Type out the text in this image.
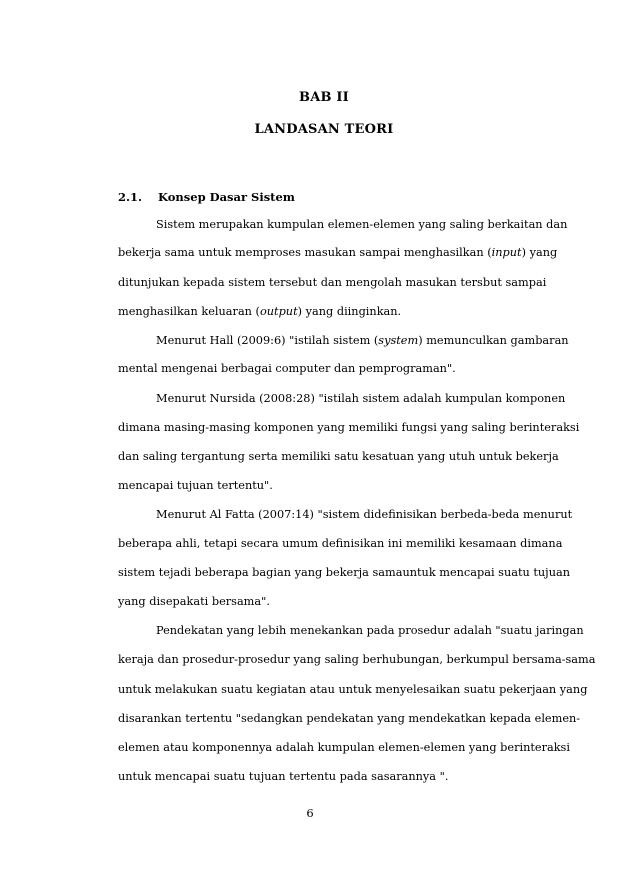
BAB II
LANDASAN TEORI
2.1. Konsep Dasar Sistem
Sistem merupakan kumpulan elemen-elemen yang saling berkaitan dan
bekerja sama untuk memproses masukan sampai menghasilkan (input) yang
ditunjukan kepada sistem tersebut dan mengolah masukan tersbut sampai
menghasilkan keluaran (output) yang diinginkan.
Menurut Hall (2009:6) "istilah sistem (system) memunculkan gambaran
mental mengenai berbagai computer dan pemprograman".
Menurut Nursida (2008:28) "istilah sistem adalah kumpulan komponen
dimana masing-masing komponen yang memiliki fungsi yang saling berinteraksi
dan saling tergantung serta memiliki satu kesatuan yang utuh untuk bekerja
mencapai tujuan tertentu".
Menurut Al Fatta (2007:14) "sistem didefinisikan berbeda-beda menurut
beberapa ahli, tetapi secara umum definisikan ini memiliki kesamaan dimana
sistem tejadi beberapa bagian yang bekerja samauntuk mencapai suatu tujuan
yang disepakati bersama".
Pendekatan yang lebih menekankan pada prosedur adalah "suatu jaringan
keraja dan prosedur-prosedur yang saling berhubungan, berkumpul bersama-sama
untuk melakukan suatu kegiatan atau untuk menyelesaikan suatu pekerjaan yang
disarankan tertentu "sedangkan pendekatan yang mendekatkan kepada elemen-
elemen atau komponennya adalah kumpulan elemen-elemen yang berinteraksi
untuk mencapai suatu tujuan tertentu pada sasarannya ".
6
